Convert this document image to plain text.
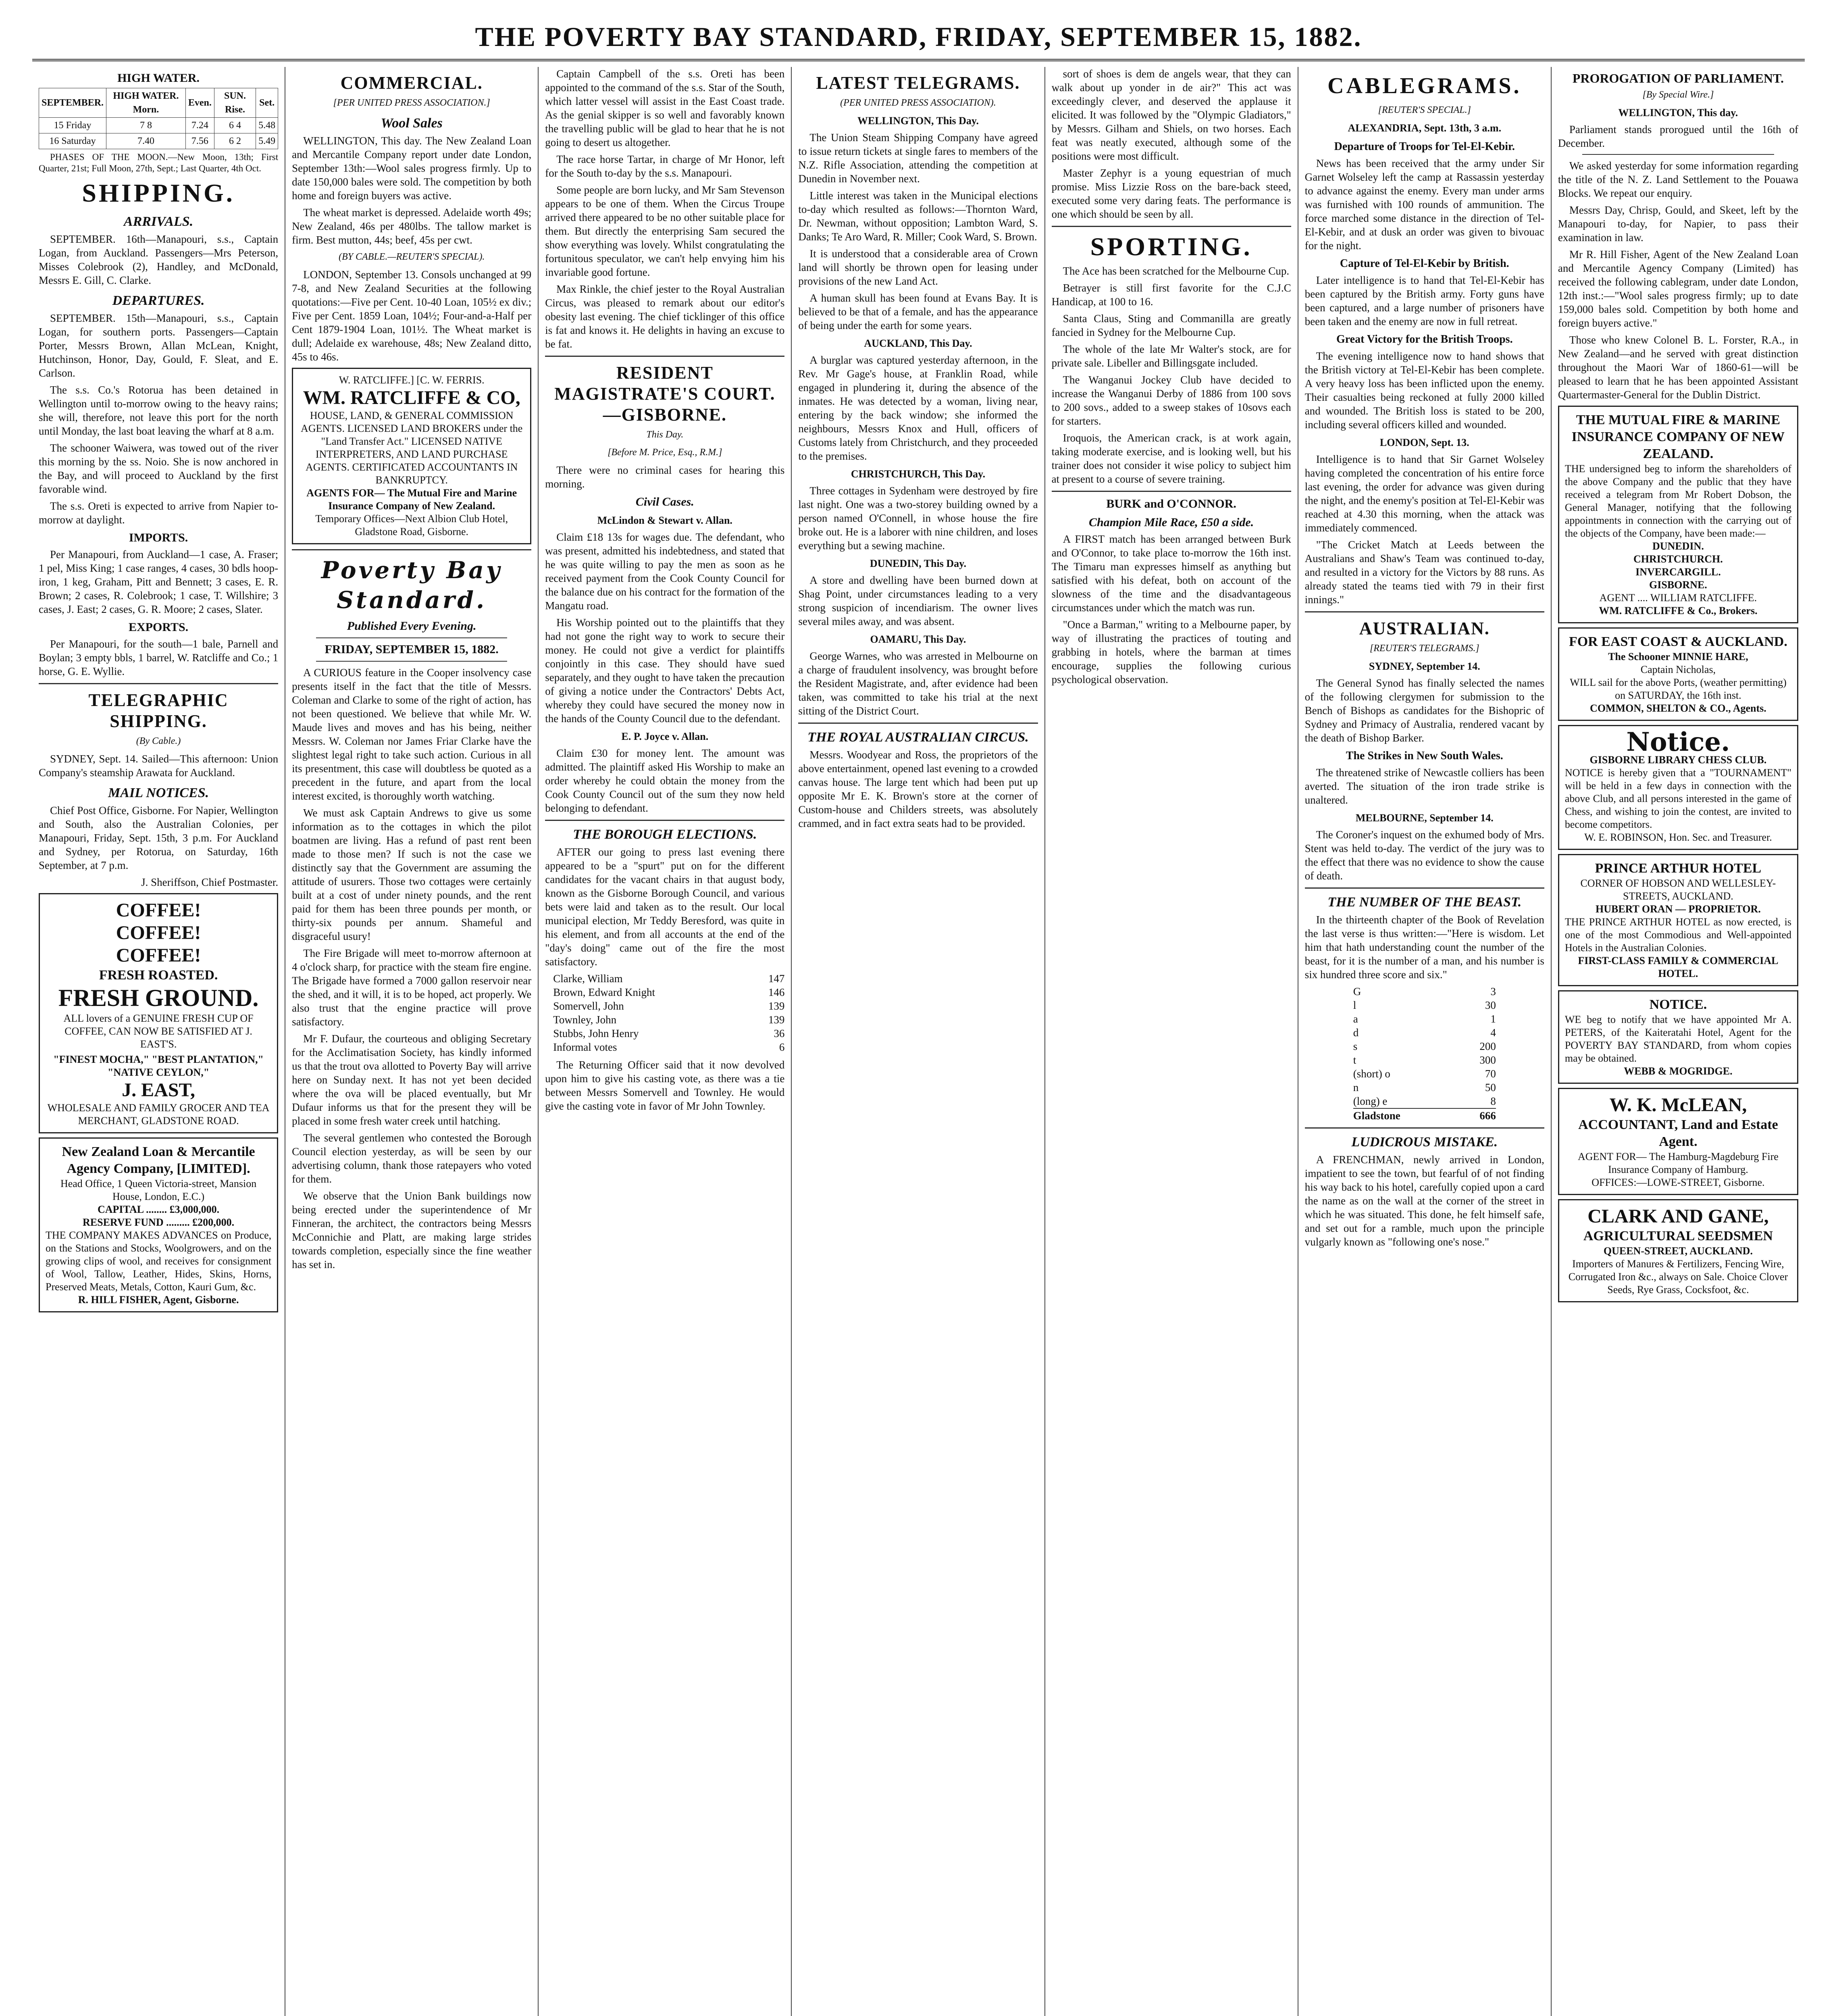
THE POVERTY BAY STANDARD, FRIDAY, SEPTEMBER 15, 1882.
HIGH WATER.
SEPTEMBER.	HIGH WATER. Morn.	Even.	SUN. Rise.	Set.
15 Friday	7 8	7.24	6 4	5.48
16 Saturday	7.40	7.56	6 2	5.49

PHASES OF THE MOON.—New Moon, 13th; First Quarter, 21st; Full Moon, 27th, Sept.; Last Quarter, 4th Oct.

SHIPPING.
ARRIVALS.

SEPTEMBER. 16th—Manapouri, s.s., Captain Logan, from Auckland. Passengers—Mrs Peterson, Misses Colebrook (2), Handley, and McDonald, Messrs E. Gill, C. Clarke.

DEPARTURES.

SEPTEMBER. 15th—Manapouri, s.s., Captain Logan, for southern ports. Passengers—Captain Porter, Messrs Brown, Allan McLean, Knight, Hutchinson, Honor, Day, Gould, F. Sleat, and E. Carlson.

The s.s. Co.'s Rotorua has been detained in Wellington until to-morrow owing to the heavy rains; she will, therefore, not leave this port for the north until Monday, the last boat leaving the wharf at 8 a.m.

The schooner Waiwera, was towed out of the river this morning by the ss. Noio. She is now anchored in the Bay, and will proceed to Auckland by the first favorable wind.

The s.s. Oreti is expected to arrive from Napier to-morrow at daylight.

IMPORTS.

Per Manapouri, from Auckland—1 case, A. Fraser; 1 pel, Miss King; 1 case ranges, 4 cases, 30 bdls hoop-iron, 1 keg, Graham, Pitt and Bennett; 3 cases, E. R. Brown; 2 cases, R. Colebrook; 1 case, T. Willshire; 3 cases, J. East; 2 cases, G. R. Moore; 2 cases, Slater.

EXPORTS.

Per Manapouri, for the south—1 bale, Parnell and Boylan; 3 empty bbls, 1 barrel, W. Ratcliffe and Co.; 1 horse, G. E. Wyllie.

TELEGRAPHIC SHIPPING.
(By Cable.)

SYDNEY, Sept. 14. Sailed—This afternoon: Union Company's steamship Arawata for Auckland.

MAIL NOTICES.

Chief Post Office, Gisborne. For Napier, Wellington and South, also the Australian Colonies, per Manapouri, Friday, Sept. 15th, 3 p.m. For Auckland and Sydney, per Rotorua, on Saturday, 16th September, at 7 p.m.

J. Sheriffson, Chief Postmaster.

COFFEE!
COFFEE!
COFFEE!
FRESH ROASTED.
FRESH GROUND.
ALL lovers of a GENUINE FRESH CUP OF COFFEE, CAN NOW BE SATISFIED AT J. EAST'S.
"FINEST MOCHA," "BEST PLANTATION," "NATIVE CEYLON,"
J. EAST,
WHOLESALE AND FAMILY GROCER AND TEA MERCHANT, GLADSTONE ROAD.
New Zealand Loan & Mercantile Agency Company, [LIMITED].
Head Office, 1 Queen Victoria-street, Mansion House, London, E.C.)
CAPITAL ........ £3,000,000.
RESERVE FUND ......... £200,000.
THE COMPANY MAKES ADVANCES on Produce, on the Stations and Stocks, Woolgrowers, and on the growing clips of wool, and receives for consignment of Wool, Tallow, Leather, Hides, Skins, Horns, Preserved Meats, Metals, Cotton, Kauri Gum, &c.
R. HILL FISHER, Agent, Gisborne.
COMMERCIAL.
[PER UNITED PRESS ASSOCIATION.]
Wool Sales

WELLINGTON, This day. The New Zealand Loan and Mercantile Company report under date London, September 13th:—Wool sales progress firmly. Up to date 150,000 bales were sold. The competition by both home and foreign buyers was active.

The wheat market is depressed. Adelaide worth 49s; New Zealand, 46s per 480lbs. The tallow market is firm. Best mutton, 44s; beef, 45s per cwt.

(BY CABLE.—REUTER'S SPECIAL).

LONDON, September 13. Consols unchanged at 99 7-8, and New Zealand Securities at the following quotations:—Five per Cent. 10-40 Loan, 105½ ex div.; Five per Cent. 1859 Loan, 104½; Four-and-a-Half per Cent 1879-1904 Loan, 101½. The Wheat market is dull; Adelaide ex warehouse, 48s; New Zealand ditto, 45s to 46s.

W. RATCLIFFE.] [C. W. FERRIS.
WM. RATCLIFFE & CO,
HOUSE, LAND, & GENERAL COMMISSION AGENTS. LICENSED LAND BROKERS under the "Land Transfer Act." LICENSED NATIVE INTERPRETERS, AND LAND PURCHASE AGENTS. CERTIFICATED ACCOUNTANTS IN BANKRUPTCY.
AGENTS FOR— The Mutual Fire and Marine Insurance Company of New Zealand.
Temporary Offices—Next Albion Club Hotel, Gladstone Road, Gisborne.
Poverty Bay Standard.
Published Every Evening.
FRIDAY, SEPTEMBER 15, 1882.

A CURIOUS feature in the Cooper insolvency case presents itself in the fact that the title of Messrs. Coleman and Clarke to some of the right of action, has not been questioned. We believe that while Mr. W. Maude lives and moves and has his being, neither Messrs. W. Coleman nor James Friar Clarke have the slightest legal right to take such action. Curious in all its presentment, this case will doubtless be quoted as a precedent in the future, and apart from the local interest excited, is thoroughly worth watching.

We must ask Captain Andrews to give us some information as to the cottages in which the pilot boatmen are living. Has a refund of past rent been made to those men? If such is not the case we distinctly say that the Government are assuming the attitude of usurers. Those two cottages were certainly built at a cost of under ninety pounds, and the rent paid for them has been three pounds per month, or thirty-six pounds per annum. Shameful and disgraceful usury!

The Fire Brigade will meet to-morrow afternoon at 4 o'clock sharp, for practice with the steam fire engine. The Brigade have formed a 7000 gallon reservoir near the shed, and it will, it is to be hoped, act properly. We also trust that the engine practice will prove satisfactory.

Mr F. Dufaur, the courteous and obliging Secretary for the Acclimatisation Society, has kindly informed us that the trout ova allotted to Poverty Bay will arrive here on Sunday next. It has not yet been decided where the ova will be placed eventually, but Mr Dufaur informs us that for the present they will be placed in some fresh water creek until hatching.

The several gentlemen who contested the Borough Council election yesterday, as will be seen by our advertising column, thank those ratepayers who voted for them.

We observe that the Union Bank buildings now being erected under the superintendence of Mr Finneran, the architect, the contractors being Messrs McConnichie and Platt, are making large strides towards completion, especially since the fine weather has set in.

Captain Campbell of the s.s. Oreti has been appointed to the command of the s.s. Star of the South, which latter vessel will assist in the East Coast trade. As the genial skipper is so well and favorably known the travelling public will be glad to hear that he is not going to desert us altogether.

The race horse Tartar, in charge of Mr Honor, left for the South to-day by the s.s. Manapouri.

Some people are born lucky, and Mr Sam Stevenson appears to be one of them. When the Circus Troupe arrived there appeared to be no other suitable place for them. But directly the enterprising Sam secured the show everything was lovely. Whilst congratulating the fortunitous speculator, we can't help envying him his invariable good fortune.

Max Rinkle, the chief jester to the Royal Australian Circus, was pleased to remark about our editor's obesity last evening. The chief ticklinger of this office is fat and knows it. He delights in having an excuse to be fat.

RESIDENT MAGISTRATE'S COURT.—GISBORNE.
This Day.
[Before M. Price, Esq., R.M.]

There were no criminal cases for hearing this morning.

Civil Cases.
McLindon & Stewart v. Allan.

Claim £18 13s for wages due. The defendant, who was present, admitted his indebtedness, and stated that he was quite willing to pay the men as soon as he received payment from the Cook County Council for the balance due on his contract for the formation of the Mangatu road.

His Worship pointed out to the plaintiffs that they had not gone the right way to work to secure their money. He could not give a verdict for plaintiffs conjointly in this case. They should have sued separately, and they ought to have taken the precaution of giving a notice under the Contractors' Debts Act, whereby they could have secured the money now in the hands of the County Council due to the defendant.

E. P. Joyce v. Allan.

Claim £30 for money lent. The amount was admitted. The plaintiff asked His Worship to make an order whereby he could obtain the money from the Cook County Council out of the sum they now held belonging to defendant.

THE BOROUGH ELECTIONS.

AFTER our going to press last evening there appeared to be a "spurt" put on for the different candidates for the vacant chairs in that august body, known as the Gisborne Borough Council, and various bets were laid and taken as to the result. Our local municipal election, Mr Teddy Beresford, was quite in his element, and from all accounts at the end of the "day's doing" came out of the fire the most satisfactory.

Clarke, William	147
Brown, Edward Knight	146
Somervell, John	139
Townley, John	139
Stubbs, John Henry	36
Informal votes	6

The Returning Officer said that it now devolved upon him to give his casting vote, as there was a tie between Messrs Somervell and Townley. He would give the casting vote in favor of Mr John Townley.

LATEST TELEGRAMS.
(PER UNITED PRESS ASSOCIATION).
WELLINGTON, This Day.

The Union Steam Shipping Company have agreed to issue return tickets at single fares to members of the N.Z. Rifle Association, attending the competition at Dunedin in November next.

Little interest was taken in the Municipal elections to-day which resulted as follows:—Thornton Ward, Dr. Newman, without opposition; Lambton Ward, S. Danks; Te Aro Ward, R. Miller; Cook Ward, S. Brown.

It is understood that a considerable area of Crown land will shortly be thrown open for leasing under provisions of the new Land Act.

A human skull has been found at Evans Bay. It is believed to be that of a female, and has the appearance of being under the earth for some years.

AUCKLAND, This Day.

A burglar was captured yesterday afternoon, in the Rev. Mr Gage's house, at Franklin Road, while engaged in plundering it, during the absence of the inmates. He was detected by a woman, living near, entering by the back window; she informed the neighbours, Messrs Knox and Hull, officers of Customs lately from Christchurch, and they proceeded to the premises.

CHRISTCHURCH, This Day.

Three cottages in Sydenham were destroyed by fire last night. One was a two-storey building owned by a person named O'Connell, in whose house the fire broke out. He is a laborer with nine children, and loses everything but a sewing machine.

DUNEDIN, This Day.

A store and dwelling have been burned down at Shag Point, under circumstances leading to a very strong suspicion of incendiarism. The owner lives several miles away, and was absent.

OAMARU, This Day.

George Warnes, who was arrested in Melbourne on a charge of fraudulent insolvency, was brought before the Resident Magistrate, and, after evidence had been taken, was committed to take his trial at the next sitting of the District Court.

THE ROYAL AUSTRALIAN CIRCUS.

Messrs. Woodyear and Ross, the proprietors of the above entertainment, opened last evening to a crowded canvas house. The large tent which had been put up opposite Mr E. K. Brown's store at the corner of Custom-house and Childers streets, was absolutely crammed, and in fact extra seats had to be provided.

sort of shoes is dem de angels wear, that they can walk about up yonder in de air?" This act was exceedingly clever, and deserved the applause it elicited. It was followed by the "Olympic Gladiators," by Messrs. Gilham and Shiels, on two horses. Each feat was neatly executed, although some of the positions were most difficult.

Master Zephyr is a young equestrian of much promise. Miss Lizzie Ross on the bare-back steed, executed some very daring feats. The performance is one which should be seen by all.

SPORTING.

The Ace has been scratched for the Melbourne Cup.

Betrayer is still first favorite for the C.J.C Handicap, at 100 to 16.

Santa Claus, Sting and Commanilla are greatly fancied in Sydney for the Melbourne Cup.

The whole of the late Mr Walter's stock, are for private sale. Libeller and Billingsgate included.

The Wanganui Jockey Club have decided to increase the Wanganui Derby of 1886 from 100 sovs to 200 sovs., added to a sweep stakes of 10sovs each for starters.

Iroquois, the American crack, is at work again, taking moderate exercise, and is looking well, but his trainer does not consider it wise policy to subject him at present to a course of severe training.

BURK and O'CONNOR.
Champion Mile Race, £50 a side.

A FIRST match has been arranged between Burk and O'Connor, to take place to-morrow the 16th inst. The Timaru man expresses himself as anything but satisfied with his defeat, both on account of the slowness of the time and the disadvantageous circumstances under which the match was run.

"Once a Barman," writing to a Melbourne paper, by way of illustrating the practices of touting and grabbing in hotels, where the barman at times encourage, supplies the following curious psychological observation.

CABLEGRAMS.
[REUTER'S SPECIAL.]
ALEXANDRIA, Sept. 13th, 3 a.m.
Departure of Troops for Tel-El-Kebir.

News has been received that the army under Sir Garnet Wolseley left the camp at Rassassin yesterday to advance against the enemy. Every man under arms was furnished with 100 rounds of ammunition. The force marched some distance in the direction of Tel-El-Kebir, and at dusk an order was given to bivouac for the night.

Capture of Tel-El-Kebir by British.

Later intelligence is to hand that Tel-El-Kebir has been captured by the British army. Forty guns have been captured, and a large number of prisoners have been taken and the enemy are now in full retreat.

Great Victory for the British Troops.

The evening intelligence now to hand shows that the British victory at Tel-El-Kebir has been complete. A very heavy loss has been inflicted upon the enemy. Their casualties being reckoned at fully 2000 killed and wounded. The British loss is stated to be 200, including several officers killed and wounded.

LONDON, Sept. 13.

Intelligence is to hand that Sir Garnet Wolseley having completed the concentration of his entire force last evening, the order for advance was given during the night, and the enemy's position at Tel-El-Kebir was reached at 4.30 this morning, when the attack was immediately commenced.

"The Cricket Match at Leeds between the Australians and Shaw's Team was continued to-day, and resulted in a victory for the Victors by 88 runs. As already stated the teams tied with 79 in their first innings."

AUSTRALIAN.
[REUTER'S TELEGRAMS.]
SYDNEY, September 14.

The General Synod has finally selected the names of the following clergymen for submission to the Bench of Bishops as candidates for the Bishopric of Sydney and Primacy of Australia, rendered vacant by the death of Bishop Barker.

The Strikes in New South Wales.

The threatened strike of Newcastle colliers has been averted. The situation of the iron trade strike is unaltered.

MELBOURNE, September 14.

The Coroner's inquest on the exhumed body of Mrs. Stent was held to-day. The verdict of the jury was to the effect that there was no evidence to show the cause of death.

THE NUMBER OF THE BEAST.

In the thirteenth chapter of the Book of Revelation the last verse is thus written:—"Here is wisdom. Let him that hath understanding count the number of the beast, for it is the number of a man, and his number is six hundred three score and six."

G	3
l	30
a	1
d	4
s	200
t	300
(short) o	70
n	50
(long) e	8
Gladstone	666
LUDICROUS MISTAKE.

A FRENCHMAN, newly arrived in London, impatient to see the town, but fearful of of not finding his way back to his hotel, carefully copied upon a card the name as on the wall at the corner of the street in which he was situated. This done, he felt himself safe, and set out for a ramble, much upon the principle vulgarly known as "following one's nose."

PROROGATION OF PARLIAMENT.
[By Special Wire.]
WELLINGTON, This day.

Parliament stands prorogued until the 16th of December.

We asked yesterday for some information regarding the title of the N. Z. Land Settlement to the Pouawa Blocks. We repeat our enquiry.

Messrs Day, Chrisp, Gould, and Skeet, left by the Manapouri to-day, for Napier, to pass their examination in law.

Mr R. Hill Fisher, Agent of the New Zealand Loan and Mercantile Agency Company (Limited) has received the following cablegram, under date London, 12th inst.:—"Wool sales progress firmly; up to date 159,000 bales sold. Competition by both home and foreign buyers active."

Those who knew Colonel B. L. Forster, R.A., in New Zealand—and he served with great distinction throughout the Maori War of 1860-61—will be pleased to learn that he has been appointed Assistant Quartermaster-General for the Dublin District.

THE MUTUAL FIRE & MARINE INSURANCE COMPANY OF NEW ZEALAND.
THE undersigned beg to inform the shareholders of the above Company and the public that they have received a telegram from Mr Robert Dobson, the General Manager, notifying that the following appointments in connection with the carrying out of the objects of the Company, have been made:—
DUNEDIN.
CHRISTCHURCH.
INVERCARGILL.
GISBORNE.
AGENT .... WILLIAM RATCLIFFE.
WM. RATCLIFFE & Co., Brokers.
FOR EAST COAST & AUCKLAND.
The Schooner MINNIE HARE,
Captain Nicholas,
WILL sail for the above Ports, (weather permitting) on SATURDAY, the 16th inst.
COMMON, SHELTON & CO., Agents.
Notice.
GISBORNE LIBRARY CHESS CLUB.
NOTICE is hereby given that a "TOURNAMENT" will be held in a few days in connection with the above Club, and all persons interested in the game of Chess, and wishing to join the contest, are invited to become competitors.
W. E. ROBINSON, Hon. Sec. and Treasurer.
PRINCE ARTHUR HOTEL
CORNER OF HOBSON AND WELLESLEY-STREETS, AUCKLAND.
HUBERT ORAN — PROPRIETOR.
THE PRINCE ARTHUR HOTEL as now erected, is one of the most Commodious and Well-appointed Hotels in the Australian Colonies.
FIRST-CLASS FAMILY & COMMERCIAL HOTEL.
NOTICE.
WE beg to notify that we have appointed Mr A. PETERS, of the Kaiteratahi Hotel, Agent for the POVERTY BAY STANDARD, from whom copies may be obtained.
WEBB & MOGRIDGE.
W. K. McLEAN,
ACCOUNTANT, Land and Estate Agent.
AGENT FOR— The Hamburg-Magdeburg Fire Insurance Company of Hamburg.
OFFICES:—LOWE-STREET, Gisborne.
CLARK AND GANE,
AGRICULTURAL SEEDSMEN
QUEEN-STREET, AUCKLAND.
Importers of Manures & Fertilizers, Fencing Wire, Corrugated Iron &c., always on Sale. Choice Clover Seeds, Rye Grass, Cocksfoot, &c.
